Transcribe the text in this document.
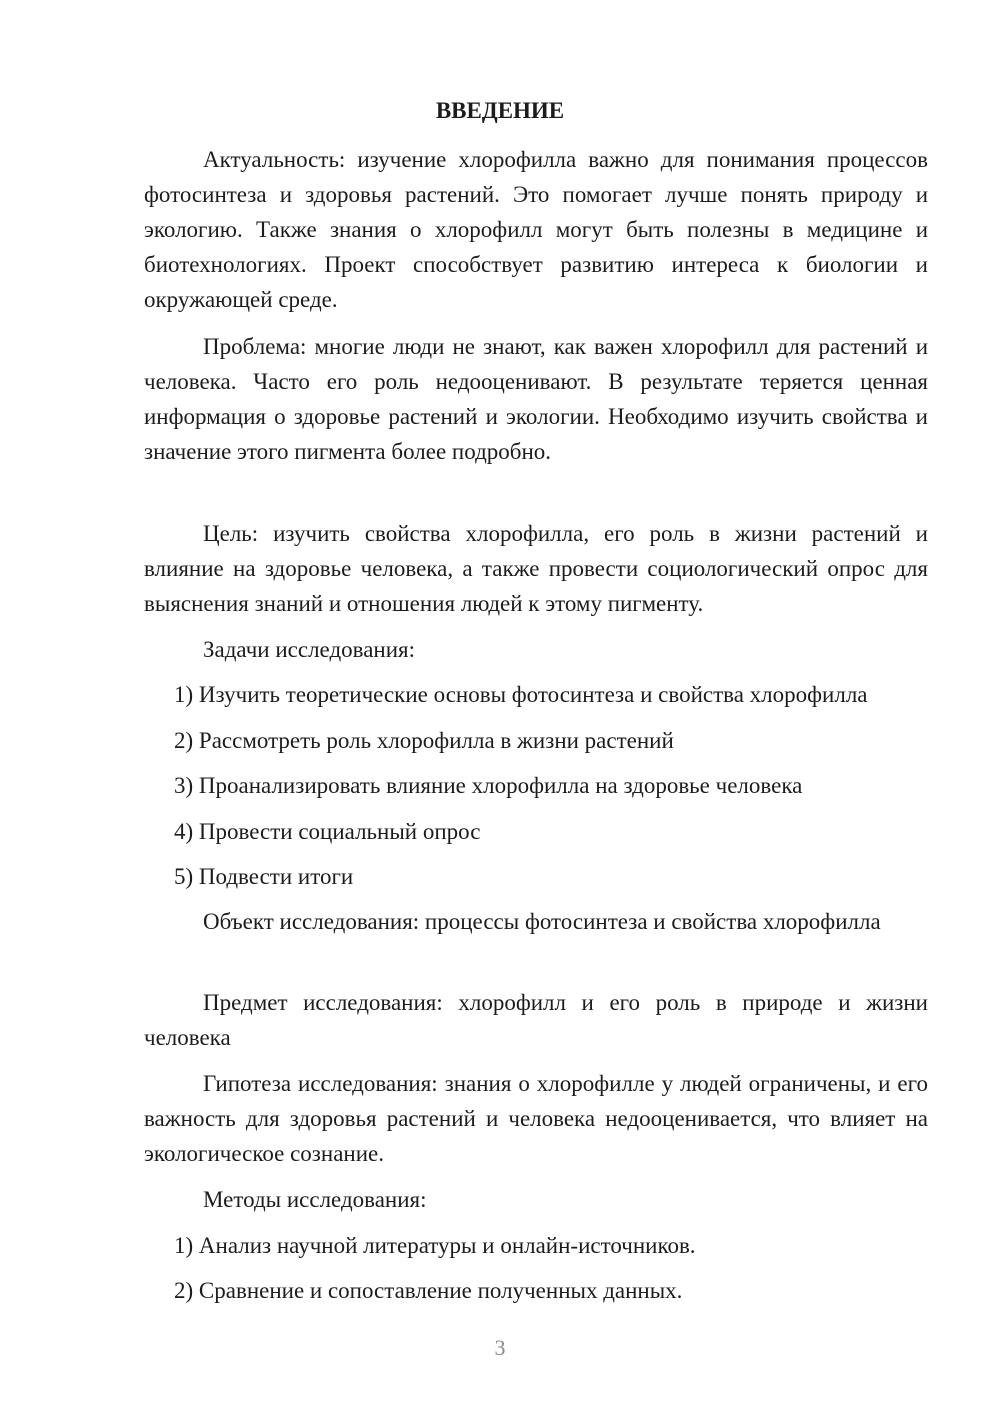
ВВЕДЕНИЕ

Актуальность: изучение хлорофилла важно для понимания процессов фотосинтеза и здоровья растений. Это помогает лучше понять природу и экологию. Также знания о хлорофилл могут быть полезны в медицине и биотехнологиях. Проект способствует развитию интереса к биологии и окружающей среде.

Проблема: многие люди не знают, как важен хлорофилл для растений и человека. Часто его роль недооценивают. В результате теряется ценная информация о здоровье растений и экологии. Необходимо изучить свойства и значение этого пигмента более подробно.

Цель: изучить свойства хлорофилла, его роль в жизни растений и влияние на здоровье человека, а также провести социологический опрос для выяснения знаний и отношения людей к этому пигменту.

Задачи исследования:

1) Изучить теоретические основы фотосинтеза и свойства хлорофилла

2) Рассмотреть роль хлорофилла в жизни растений

3) Проанализировать влияние хлорофилла на здоровье человека

4) Провести социальный опрос

5) Подвести итоги

Объект исследования: процессы фотосинтеза и свойства хлорофилла

Предмет исследования: хлорофилл и его роль в природе и жизни человека

Гипотеза исследования: знания о хлорофилле у людей ограничены, и его важность для здоровья растений и человека недооценивается, что влияет на экологическое сознание.

Методы исследования:

1) Анализ научной литературы и онлайн-источников.

2) Сравнение и сопоставление полученных данных.

3
